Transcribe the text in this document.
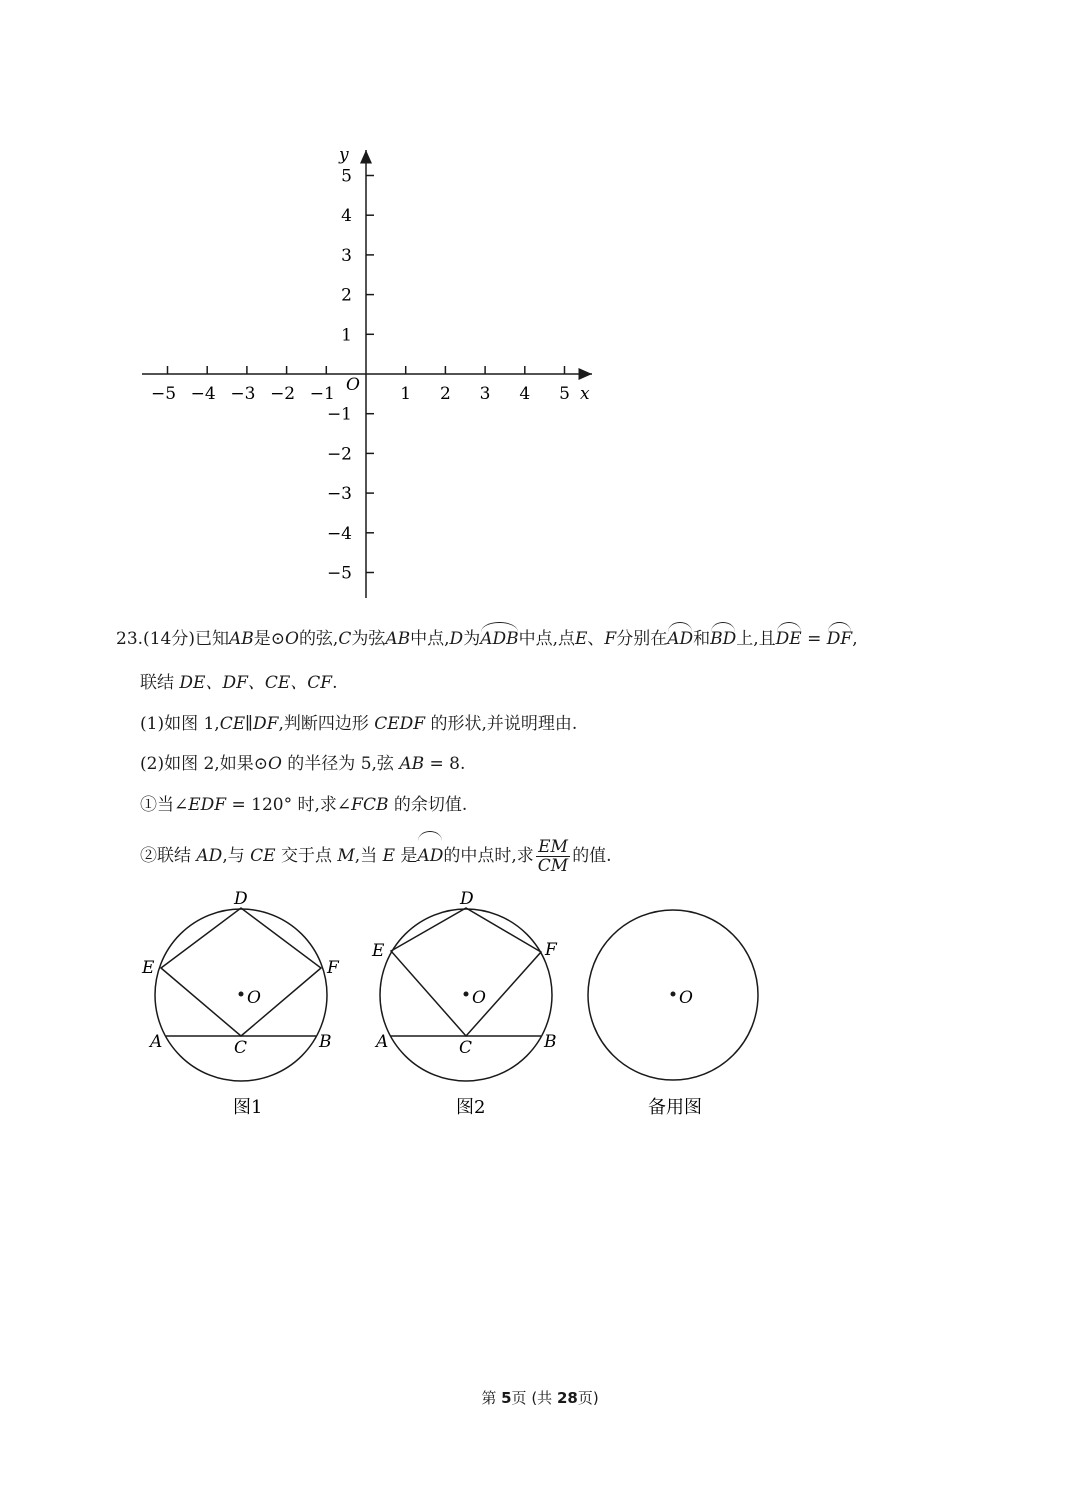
−5 −4 −3 −2 −1	1 2 3 4 5
5
4
3
2
1
−1
−2
−3
−4
−5
x
y
O
23.(14分)已知AB是⊙O的弦,C为弦AB中点,D为ADB中点,点E、F分别在AD和BD上,且DE = DF,
联结 DE、DF、CE、CF.
(1)如图 1,CE∥DF,判断四边形 CEDF 的形状,并说明理由.
(2)如图 2,如果⊙O 的半径为 5,弦 AB = 8.
①当∠EDF = 120° 时,求∠FCB 的余切值.
②联结 AD,与 CE 交于点 M,当 E 是AD的中点时,求 $\frac{EM}{CM}$ 的值.
D
E	F
O
A	C	B
图1
D
E	F
O
A	C	B
图2
O
备用图
第 5页 (共 28页)
